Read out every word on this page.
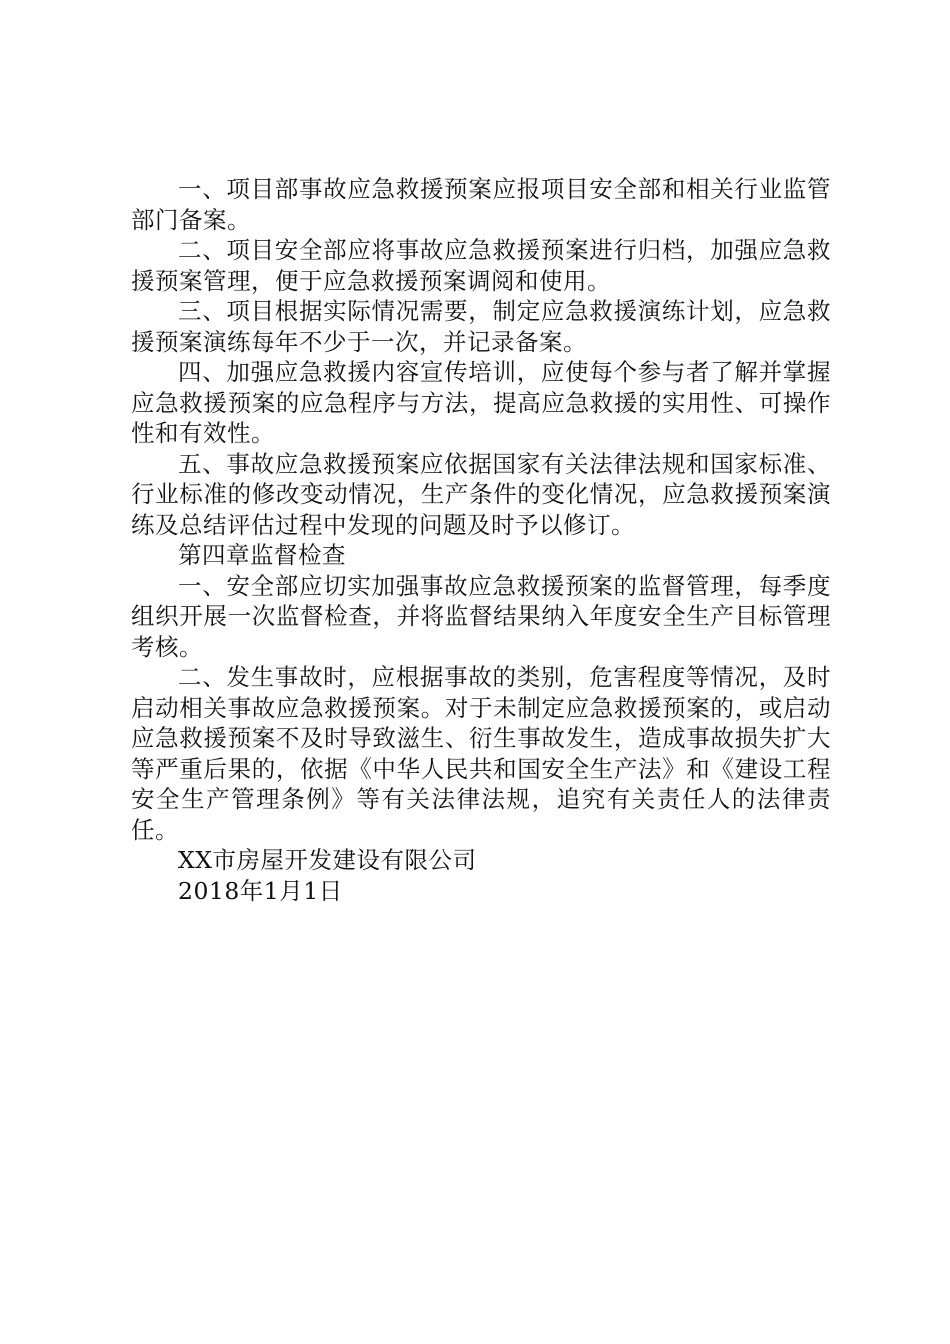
一、项目部事故应急救援预案应报项目安全部和相关行业监管部门备案。

二、项目安全部应将事故应急救援预案进行归档，加强应急救援预案管理，便于应急救援预案调阅和使用。

三、项目根据实际情况需要，制定应急救援演练计划，应急救援预案演练每年不少于一次，并记录备案。

四、加强应急救援内容宣传培训，应使每个参与者了解并掌握应急救援预案的应急程序与方法，提高应急救援的实用性、可操作性和有效性。

五、事故应急救援预案应依据国家有关法律法规和国家标准、行业标准的修改变动情况，生产条件的变化情况，应急救援预案演练及总结评估过程中发现的问题及时予以修订。

第四章监督检查

一、安全部应切实加强事故应急救援预案的监督管理，每季度组织开展一次监督检查，并将监督结果纳入年度安全生产目标管理考核。

二、发生事故时，应根据事故的类别，危害程度等情况，及时启动相关事故应急救援预案。对于未制定应急救援预案的，或启动应急救援预案不及时导致滋生、衍生事故发生，造成事故损失扩大等严重后果的，依据《中华人民共和国安全生产法》和《建设工程安全生产管理条例》等有关法律法规，追究有关责任人的法律责任。

XX市房屋开发建设有限公司

2018年1月1日
